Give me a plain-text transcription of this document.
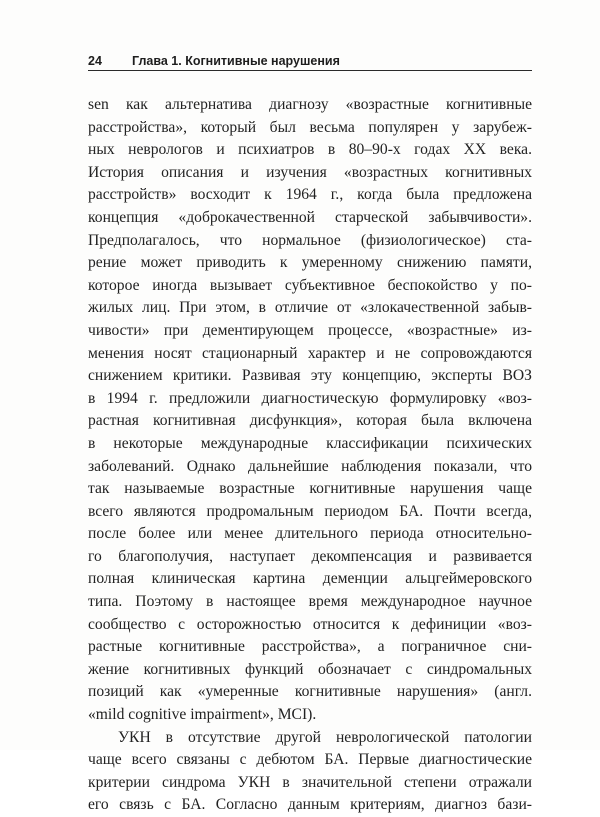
24 Глава 1. Когнитивные нарушения
sen как альтернатива диагнозу «возрастные когнитивные
расстройства», который был весьма популярен у зарубеж-
ных неврологов и психиатров в 80–90-х годах XX века.
История описания и изучения «возрастных когнитивных
расстройств» восходит к 1964 г., когда была предложена
концепция «доброкачественной старческой забывчивости».
Предполагалось, что нормальное (физиологическое) ста-
рение может приводить к умеренному снижению памяти,
которое иногда вызывает субъективное беспокойство у по-
жилых лиц. При этом, в отличие от «злокачественной забыв-
чивости» при дементирующем процессе, «возрастные» из-
менения носят стационарный характер и не сопровождаются
снижением критики. Развивая эту концепцию, эксперты ВОЗ
в 1994 г. предложили диагностическую формулировку «воз-
растная когнитивная дисфункция», которая была включена
в некоторые международные классификации психических
заболеваний. Однако дальнейшие наблюдения показали, что
так называемые возрастные когнитивные нарушения чаще
всего являются продромальным периодом БА. Почти всегда,
после более или менее длительного периода относительно-
го благополучия, наступает декомпенсация и развивается
полная клиническая картина деменции альцгеймеровского
типа. Поэтому в настоящее время международное научное
сообщество с осторожностью относится к дефиниции «воз-
растные когнитивные расстройства», а пограничное сни-
жение когнитивных функций обозначает с синдромальных
позиций как «умеренные когнитивные нарушения» (англ.
«mild cognitive impairment», MCI).
УКН в отсутствие другой неврологической патологии
чаще всего связаны с дебютом БА. Первые диагностические
критерии синдрома УКН в значительной степени отражали
его связь с БА. Согласно данным критериям, диагноз бази-
